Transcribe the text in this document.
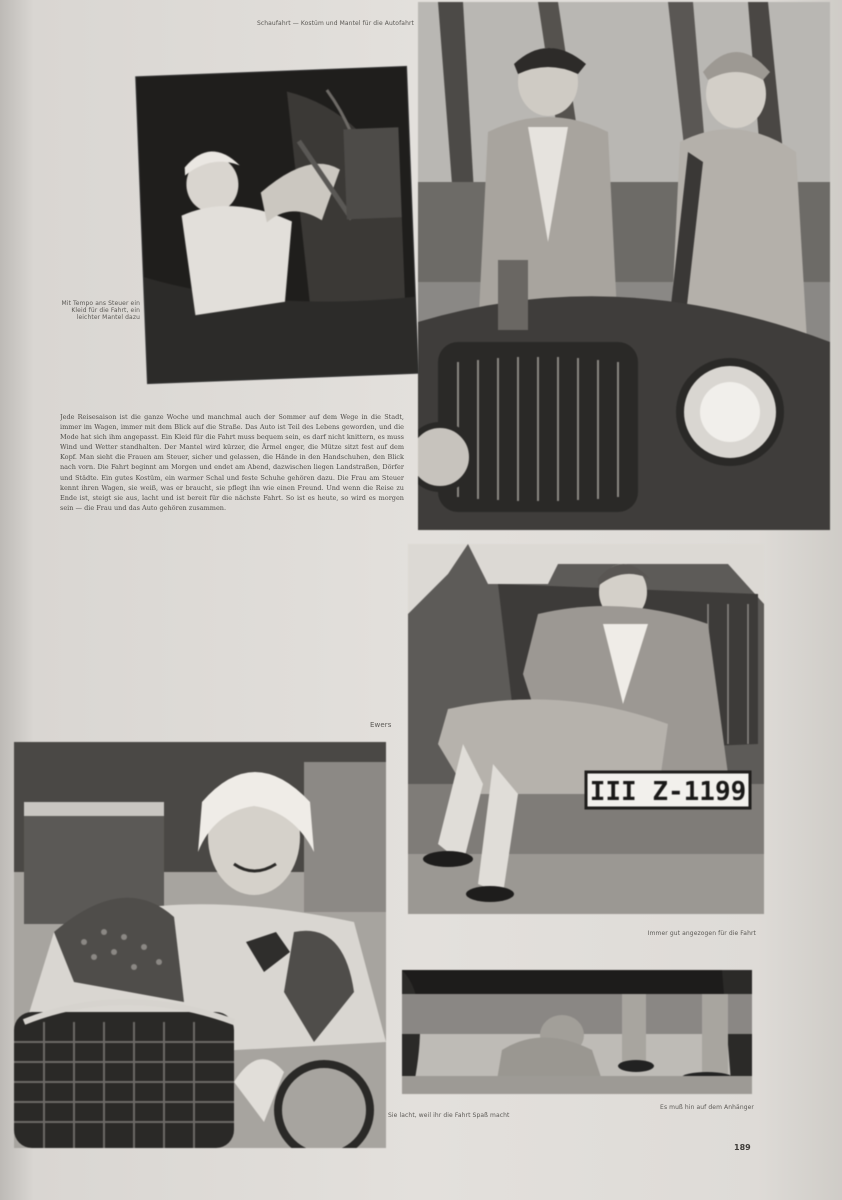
Schaufahrt — Kostüm und Mantel für die Autofahrt
Mit Tempo ans Steuer ein Kleid für die Fahrt, ein leichter Mantel dazu
Jede Reisesaison ist die ganze Woche und manchmal auch der Sommer auf dem Wege in die Stadt, immer im Wagen, immer mit dem Blick auf die Straße. Das Auto ist Teil des Lebens geworden, und die Mode hat sich ihm angepasst. Ein Kleid für die Fahrt muss bequem sein, es darf nicht knittern, es muss Wind und Wetter standhalten. Der Mantel wird kürzer, die Ärmel enger, die Mütze sitzt fest auf dem Kopf. Man sieht die Frauen am Steuer, sicher und gelassen, die Hände in den Handschuhen, den Blick nach vorn. Die Fahrt beginnt am Morgen und endet am Abend, dazwischen liegen Landstraßen, Dörfer und Städte. Ein gutes Kostüm, ein warmer Schal und feste Schuhe gehören dazu. Die Frau am Steuer kennt ihren Wagen, sie weiß, was er braucht, sie pflegt ihn wie einen Freund. Und wenn die Reise zu Ende ist, steigt sie aus, lacht und ist bereit für die nächste Fahrt. So ist es heute, so wird es morgen sein — die Frau und das Auto gehören zusammen.
Ewers
III Z-1199
Immer gut angezogen für die Fahrt
Es muß hin auf dem Anhänger
Sie lacht, weil ihr die Fahrt Spaß macht
189
